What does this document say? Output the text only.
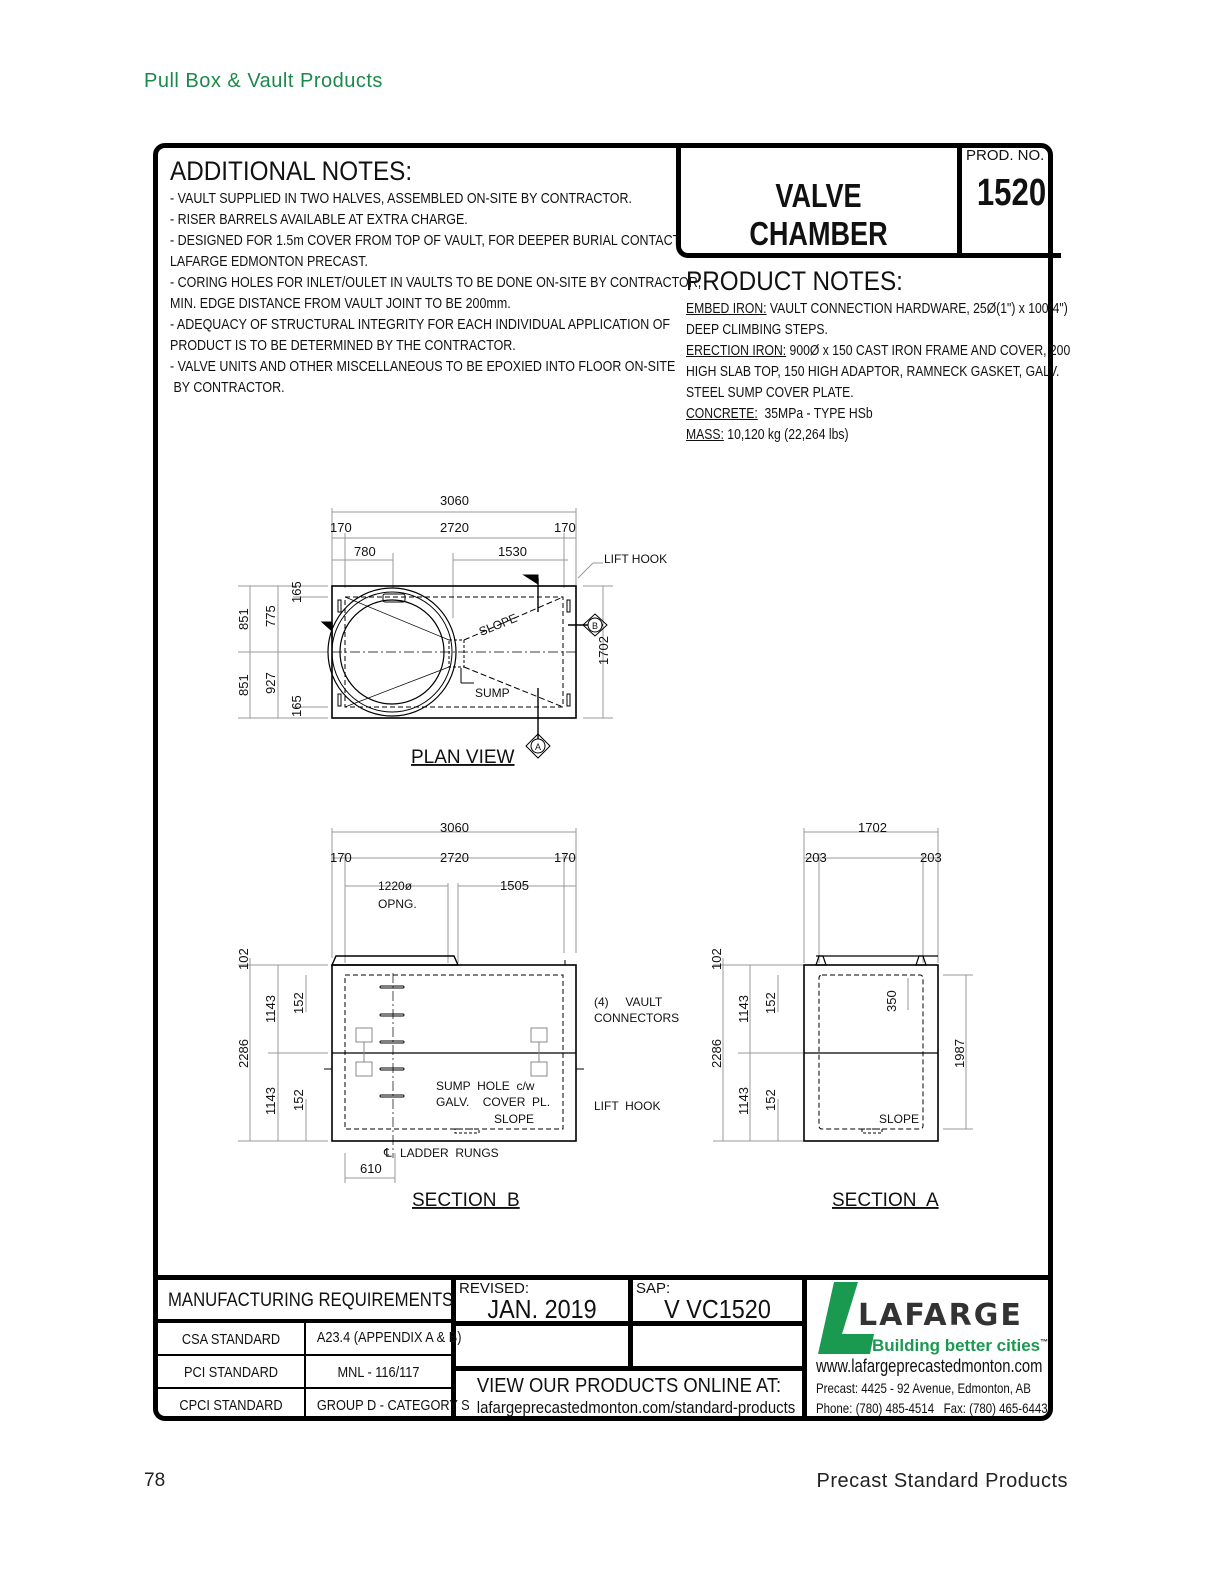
Pull Box & Vault Products
ADDITIONAL NOTES:
- VAULT SUPPLIED IN TWO HALVES, ASSEMBLED ON-SITE BY CONTRACTOR.
- RISER BARRELS AVAILABLE AT EXTRA CHARGE.
- DESIGNED FOR 1.5m COVER FROM TOP OF VAULT, FOR DEEPER BURIAL CONTACT
LAFARGE EDMONTON PRECAST.
- CORING HOLES FOR INLET/OULET IN VAULTS TO BE DONE ON-SITE BY CONTRACTOR,
MIN. EDGE DISTANCE FROM VAULT JOINT TO BE 200mm.
- ADEQUACY OF STRUCTURAL INTEGRITY FOR EACH INDIVIDUAL APPLICATION OF
PRODUCT IS TO BE DETERMINED BY THE CONTRACTOR.
- VALVE UNITS AND OTHER MISCELLANEOUS TO BE EPOXIED INTO FLOOR ON-SITE
BY CONTRACTOR.
VALVE CHAMBER
PROD. NO.
1520
PRODUCT NOTES:
EMBED IRON: VAULT CONNECTION HARDWARE, 25Ø(1") x 100(4")
DEEP CLIMBING STEPS.
ERECTION IRON: 900Ø x 150 CAST IRON FRAME AND COVER, 200
HIGH SLAB TOP, 150 HIGH ADAPTOR, RAMNECK GASKET, GALV.
STEEL SUMP COVER PLATE.
CONCRETE:  35MPa - TYPE HSb
MASS: 10,120 kg (22,264 lbs)
3060
170	2720	170
780	1530	LIFT HOOK
SLOPE
SUMP
B
A
851
851
775
927
165
165
1702
PLAN VIEW
3060
170	2720	170
1220ø
OPNG.
1505
102
1143
1143
152
152
2286
(4)     VAULT
CONNECTORS
SUMP  HOLE  c/w
GALV.    COVER  PL.
SLOPE
LIFT  HOOK
℄ LADDER  RUNGS
610
SECTION  B
1702
203	203
102
1143
1143
152
152
2286
350
1987
SLOPE
SECTION  A
MANUFACTURING REQUIREMENTS
CSA STANDARD	A23.4 (APPENDIX A & B)
PCI STANDARD	MNL - 116/117
CPCI STANDARD	GROUP D - CATEGORY S
REVISED:
JAN. 2019
SAP:
V VC1520
VIEW OUR PRODUCTS ONLINE AT:
lafargeprecastedmonton.com/standard-products
LAFARGE
Building better cities™
www.lafargeprecastedmonton.com
Precast: 4425 - 92 Avenue, Edmonton, AB
Phone: (780) 485-4514   Fax: (780) 465-6443
78	Precast Standard Products
